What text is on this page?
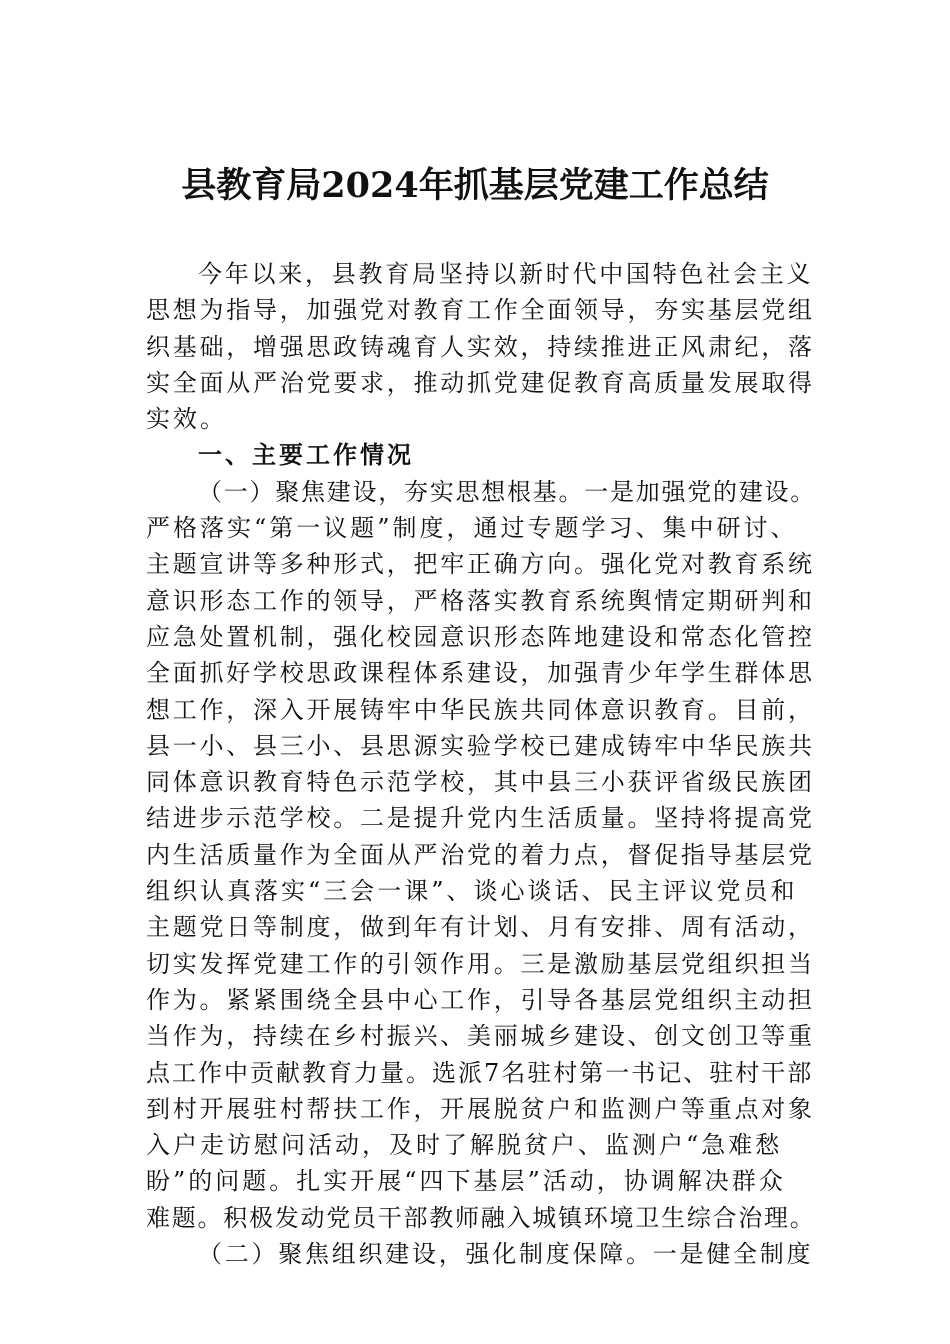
县教育局2024年抓基层党建工作总结
今年以来，县教育局坚持以新时代中国特色社会主义
思想为指导，加强党对教育工作全面领导，夯实基层党组
织基础，增强思政铸魂育人实效，持续推进正风肃纪，落
实全面从严治党要求，推动抓党建促教育高质量发展取得
实效。
一、主要工作情况
（一）聚焦建设，夯实思想根基。一是加强党的建设。
严格落实“第一议题”制度，通过专题学习、集中研讨、
主题宣讲等多种形式，把牢正确方向。强化党对教育系统
意识形态工作的领导，严格落实教育系统舆情定期研判和
应急处置机制，强化校园意识形态阵地建设和常态化管控
全面抓好学校思政课程体系建设，加强青少年学生群体思
想工作，深入开展铸牢中华民族共同体意识教育。目前，
县一小、县三小、县思源实验学校已建成铸牢中华民族共
同体意识教育特色示范学校，其中县三小获评省级民族团
结进步示范学校。二是提升党内生活质量。坚持将提高党
内生活质量作为全面从严治党的着力点，督促指导基层党
组织认真落实“三会一课”、谈心谈话、民主评议党员和
主题党日等制度，做到年有计划、月有安排、周有活动，
切实发挥党建工作的引领作用。三是激励基层党组织担当
作为。紧紧围绕全县中心工作，引导各基层党组织主动担
当作为，持续在乡村振兴、美丽城乡建设、创文创卫等重
点工作中贡献教育力量。选派7名驻村第一书记、驻村干部
到村开展驻村帮扶工作，开展脱贫户和监测户等重点对象
入户走访慰问活动，及时了解脱贫户、监测户“急难愁
盼”的问题。扎实开展“四下基层”活动，协调解决群众
难题。积极发动党员干部教师融入城镇环境卫生综合治理。
（二）聚焦组织建设，强化制度保障。一是健全制度
